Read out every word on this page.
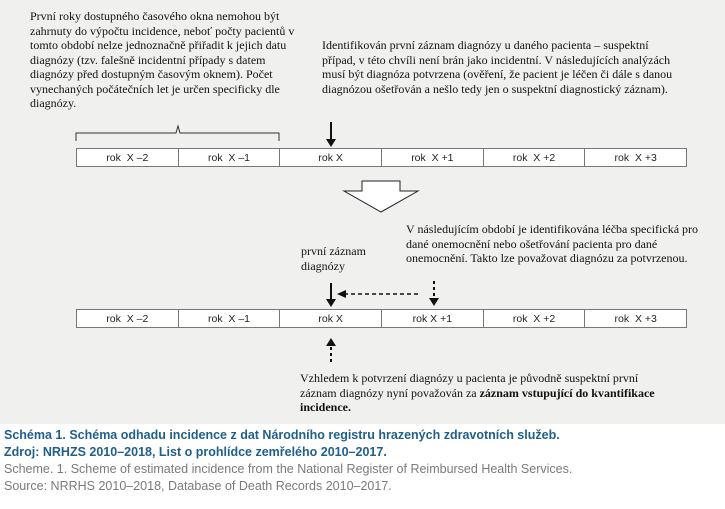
První roky dostupného časového okna nemohou být zahrnuty do výpočtu incidence, neboť počty pacientů v tomto období nelze jednoznačně přiřadit k jejich datu diagnózy (tzv. falešně incidentní případy s datem diagnózy před dostupným časovým oknem). Počet vynechaných počátečních let je určen specificky dle diagnózy.
Identifikován první záznam diagnózy u daného pacienta – suspektní případ, v této chvíli není brán jako incidentní. V následujících analýzách musí být diagnóza potvrzena (ověření, že pacient je léčen či dále s danou diagnózou ošetřován a nešlo tedy jen o suspektní diagnostický záznam).
rok  X –2	rok  X –1	rok X	rok  X +1	rok  X +2	rok  X +3
V následujícím období je identifikována léčba specifická pro dané onemocnění nebo ošetřování pacienta pro dané onemocnění. Takto lze považovat diagnózu za potvrzenou.
první záznam diagnózy
rok  X –2	rok  X –1	rok X	rok X +1	rok  X +2	rok  X +3
Vzhledem k potvrzení diagnózy u pacienta je původně suspektní první záznam diagnózy nyní považován za záznam vstupující do kvantifikace incidence.
Schéma 1. Schéma odhadu incidence z dat Národního registru hrazených zdravotních služeb.
Zdroj: NRHZS 2010–2018, List o prohlídce zemřelého 2010–2017.
Scheme. 1. Scheme of estimated incidence from the National Register of Reimbursed Health Services.
Source: NRRHS 2010–2018, Database of Death Records 2010–2017.
